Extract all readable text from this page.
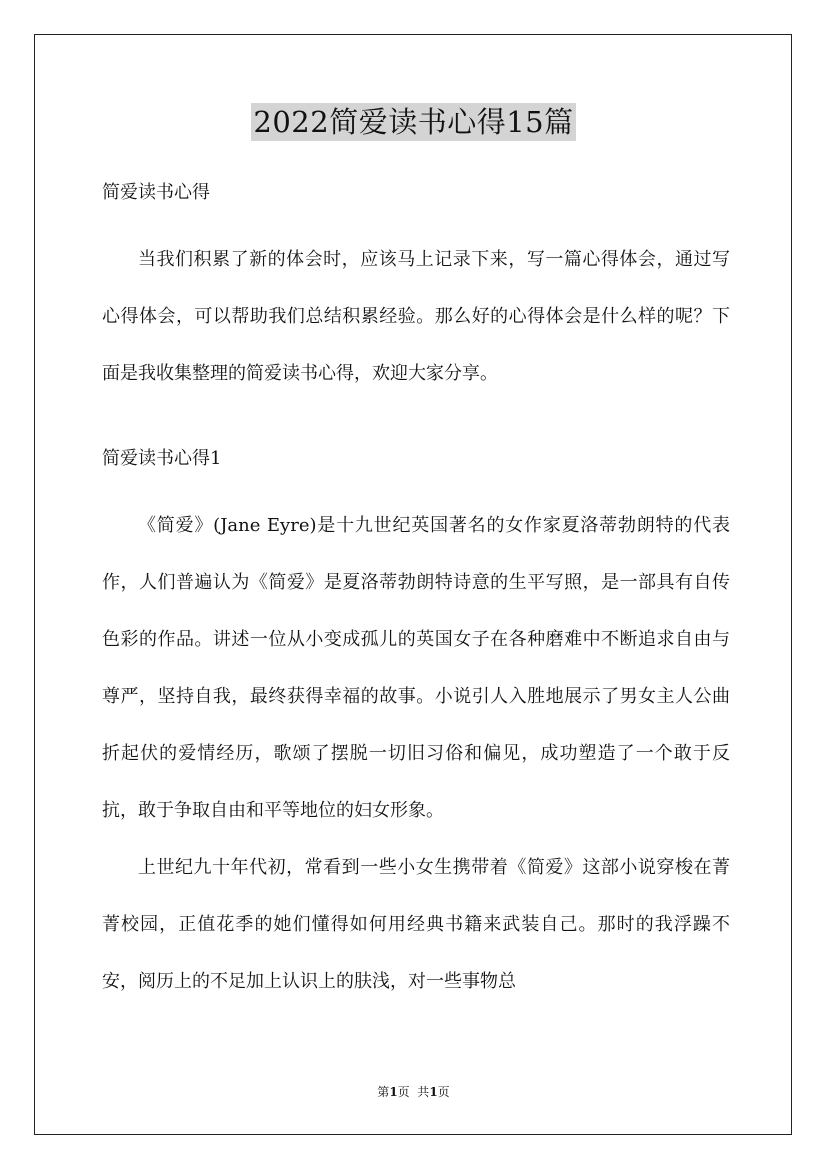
2022简爱读书心得15篇
简爱读书心得
当我们积累了新的体会时，应该马上记录下来，写一篇心得体会，通过写心得体会，可以帮助我们总结积累经验。那么好的心得体会是什么样的呢？下面是我收集整理的简爱读书心得，欢迎大家分享。
简爱读书心得1
《简爱》(Jane Eyre)是十九世纪英国著名的女作家夏洛蒂勃朗特的代表作，人们普遍认为《简爱》是夏洛蒂勃朗特诗意的生平写照，是一部具有自传色彩的作品。讲述一位从小变成孤儿的英国女子在各种磨难中不断追求自由与尊严，坚持自我，最终获得幸福的故事。小说引人入胜地展示了男女主人公曲折起伏的爱情经历，歌颂了摆脱一切旧习俗和偏见，成功塑造了一个敢于反抗，敢于争取自由和平等地位的妇女形象。
上世纪九十年代初，常看到一些小女生携带着《简爱》这部小说穿梭在菁菁校园，正值花季的她们懂得如何用经典书籍来武装自己。那时的我浮躁不安，阅历上的不足加上认识上的肤浅，对一些事物总
第1页  共1页
